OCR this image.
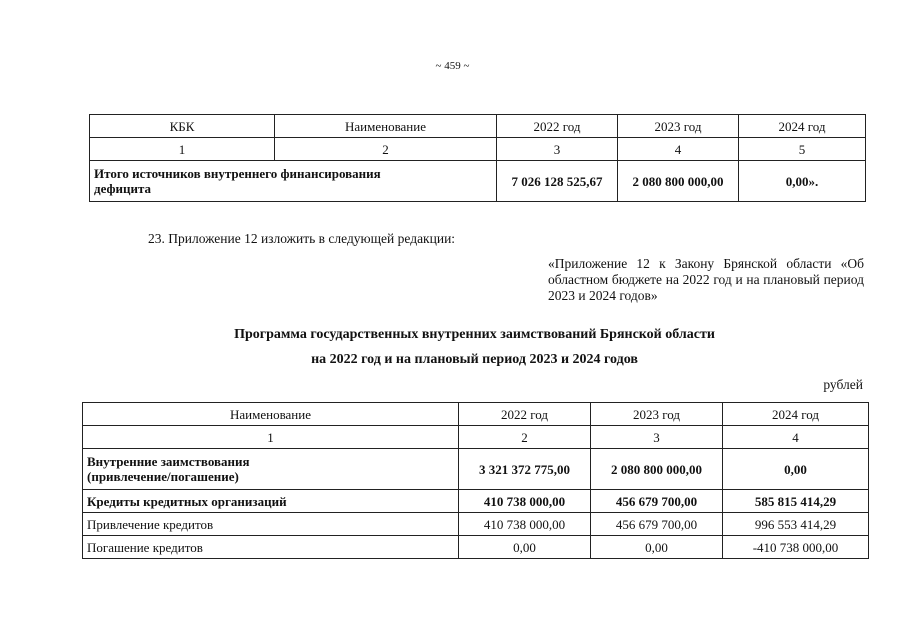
~ 459 ~
КБК	Наименование	2022 год	2023 год	2024 год
1	2	3	4	5
Итого источников внутреннего финансирования дефицита		7 026 128 525,67	2 080 800 000,00	0,00».
23. Приложение 12 изложить в следующей редакции:
«Приложение 12 к Закону Брянской области «Об областном бюджете на 2022 год и на плановый период 2023 и 2024 годов»
Программа государственных внутренних заимствований Брянской области
на 2022 год и на плановый период 2023 и 2024 годов
рублей
Наименование	2022 год	2023 год	2024 год
1	2	3	4
Внутренние заимствования (привлечение/погашение)	3 321 372 775,00	2 080 800 000,00	0,00
Кредиты кредитных организаций	410 738 000,00	456 679 700,00	585 815 414,29
Привлечение кредитов	410 738 000,00	456 679 700,00	996 553 414,29
Погашение кредитов	0,00	0,00	-410 738 000,00
